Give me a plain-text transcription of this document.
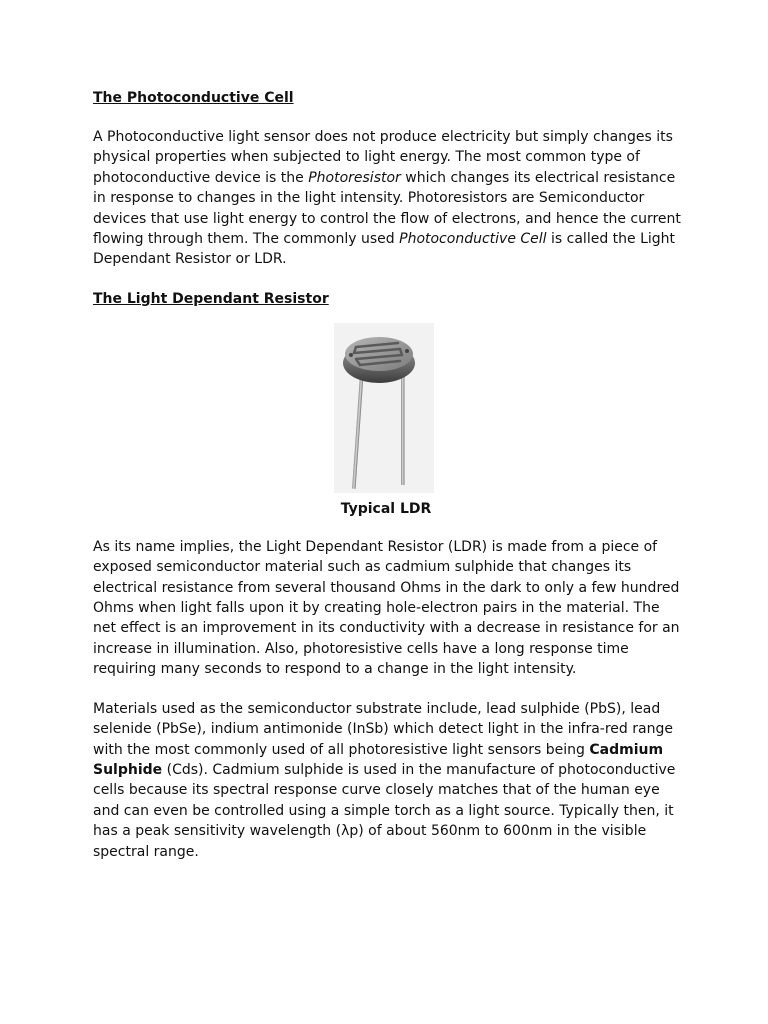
The Photoconductive Cell

A Photoconductive light sensor does not produce electricity but simply changes its physical properties when subjected to light energy. The most common type of photoconductive device is the Photoresistor which changes its electrical resistance in response to changes in the light intensity. Photoresistors are Semiconductor devices that use light energy to control the flow of electrons, and hence the current flowing through them. The commonly used Photoconductive Cell is called the Light Dependant Resistor or LDR.

The Light Dependant Resistor

Typical LDR

As its name implies, the Light Dependant Resistor (LDR) is made from a piece of exposed semiconductor material such as cadmium sulphide that changes its electrical resistance from several thousand Ohms in the dark to only a few hundred Ohms when light falls upon it by creating hole-electron pairs in the material. The net effect is an improvement in its conductivity with a decrease in resistance for an increase in illumination. Also, photoresistive cells have a long response time requiring many seconds to respond to a change in the light intensity.

Materials used as the semiconductor substrate include, lead sulphide (PbS), lead selenide (PbSe), indium antimonide (InSb) which detect light in the infra-red range with the most commonly used of all photoresistive light sensors being Cadmium Sulphide (Cds). Cadmium sulphide is used in the manufacture of photoconductive cells because its spectral response curve closely matches that of the human eye and can even be controlled using a simple torch as a light source. Typically then, it has a peak sensitivity wavelength (λp) of about 560nm to 600nm in the visible spectral range.
